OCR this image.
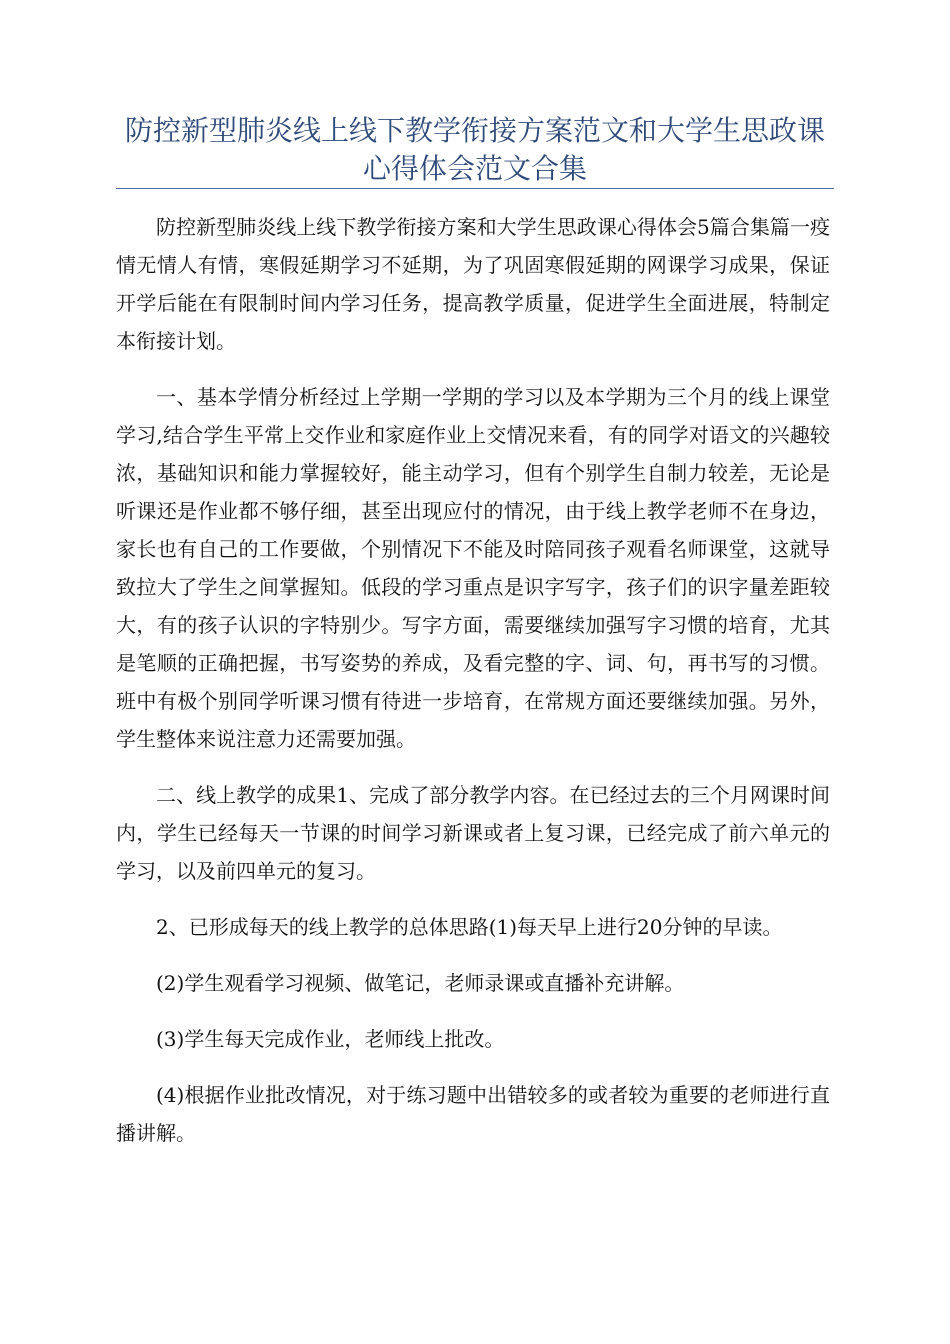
防控新型肺炎线上线下教学衔接方案范文和大学生思政课心得体会范文合集

防控新型肺炎线上线下教学衔接方案和大学生思政课心得体会5篇合集篇一疫情无情人有情，寒假延期学习不延期，为了巩固寒假延期的网课学习成果，保证开学后能在有限制时间内学习任务，提高教学质量，促进学生全面进展，特制定本衔接计划。

一、基本学情分析经过上学期一学期的学习以及本学期为三个月的线上课堂学习,结合学生平常上交作业和家庭作业上交情况来看，有的同学对语文的兴趣较浓，基础知识和能力掌握较好，能主动学习，但有个别学生自制力较差，无论是听课还是作业都不够仔细，甚至出现应付的情况，由于线上教学老师不在身边，家长也有自己的工作要做，个别情况下不能及时陪同孩子观看名师课堂，这就导致拉大了学生之间掌握知。低段的学习重点是识字写字，孩子们的识字量差距较大，有的孩子认识的字特别少。写字方面，需要继续加强写字习惯的培育，尤其是笔顺的正确把握，书写姿势的养成，及看完整的字、词、句，再书写的习惯。班中有极个别同学听课习惯有待进一步培育，在常规方面还要继续加强。另外，学生整体来说注意力还需要加强。

二、线上教学的成果1、完成了部分教学内容。在已经过去的三个月网课时间内，学生已经每天一节课的时间学习新课或者上复习课，已经完成了前六单元的学习，以及前四单元的复习。

2、已形成每天的线上教学的总体思路(1)每天早上进行20分钟的早读。

(2)学生观看学习视频、做笔记，老师录课或直播补充讲解。

(3)学生每天完成作业，老师线上批改。

(4)根据作业批改情况，对于练习题中出错较多的或者较为重要的老师进行直播讲解。
